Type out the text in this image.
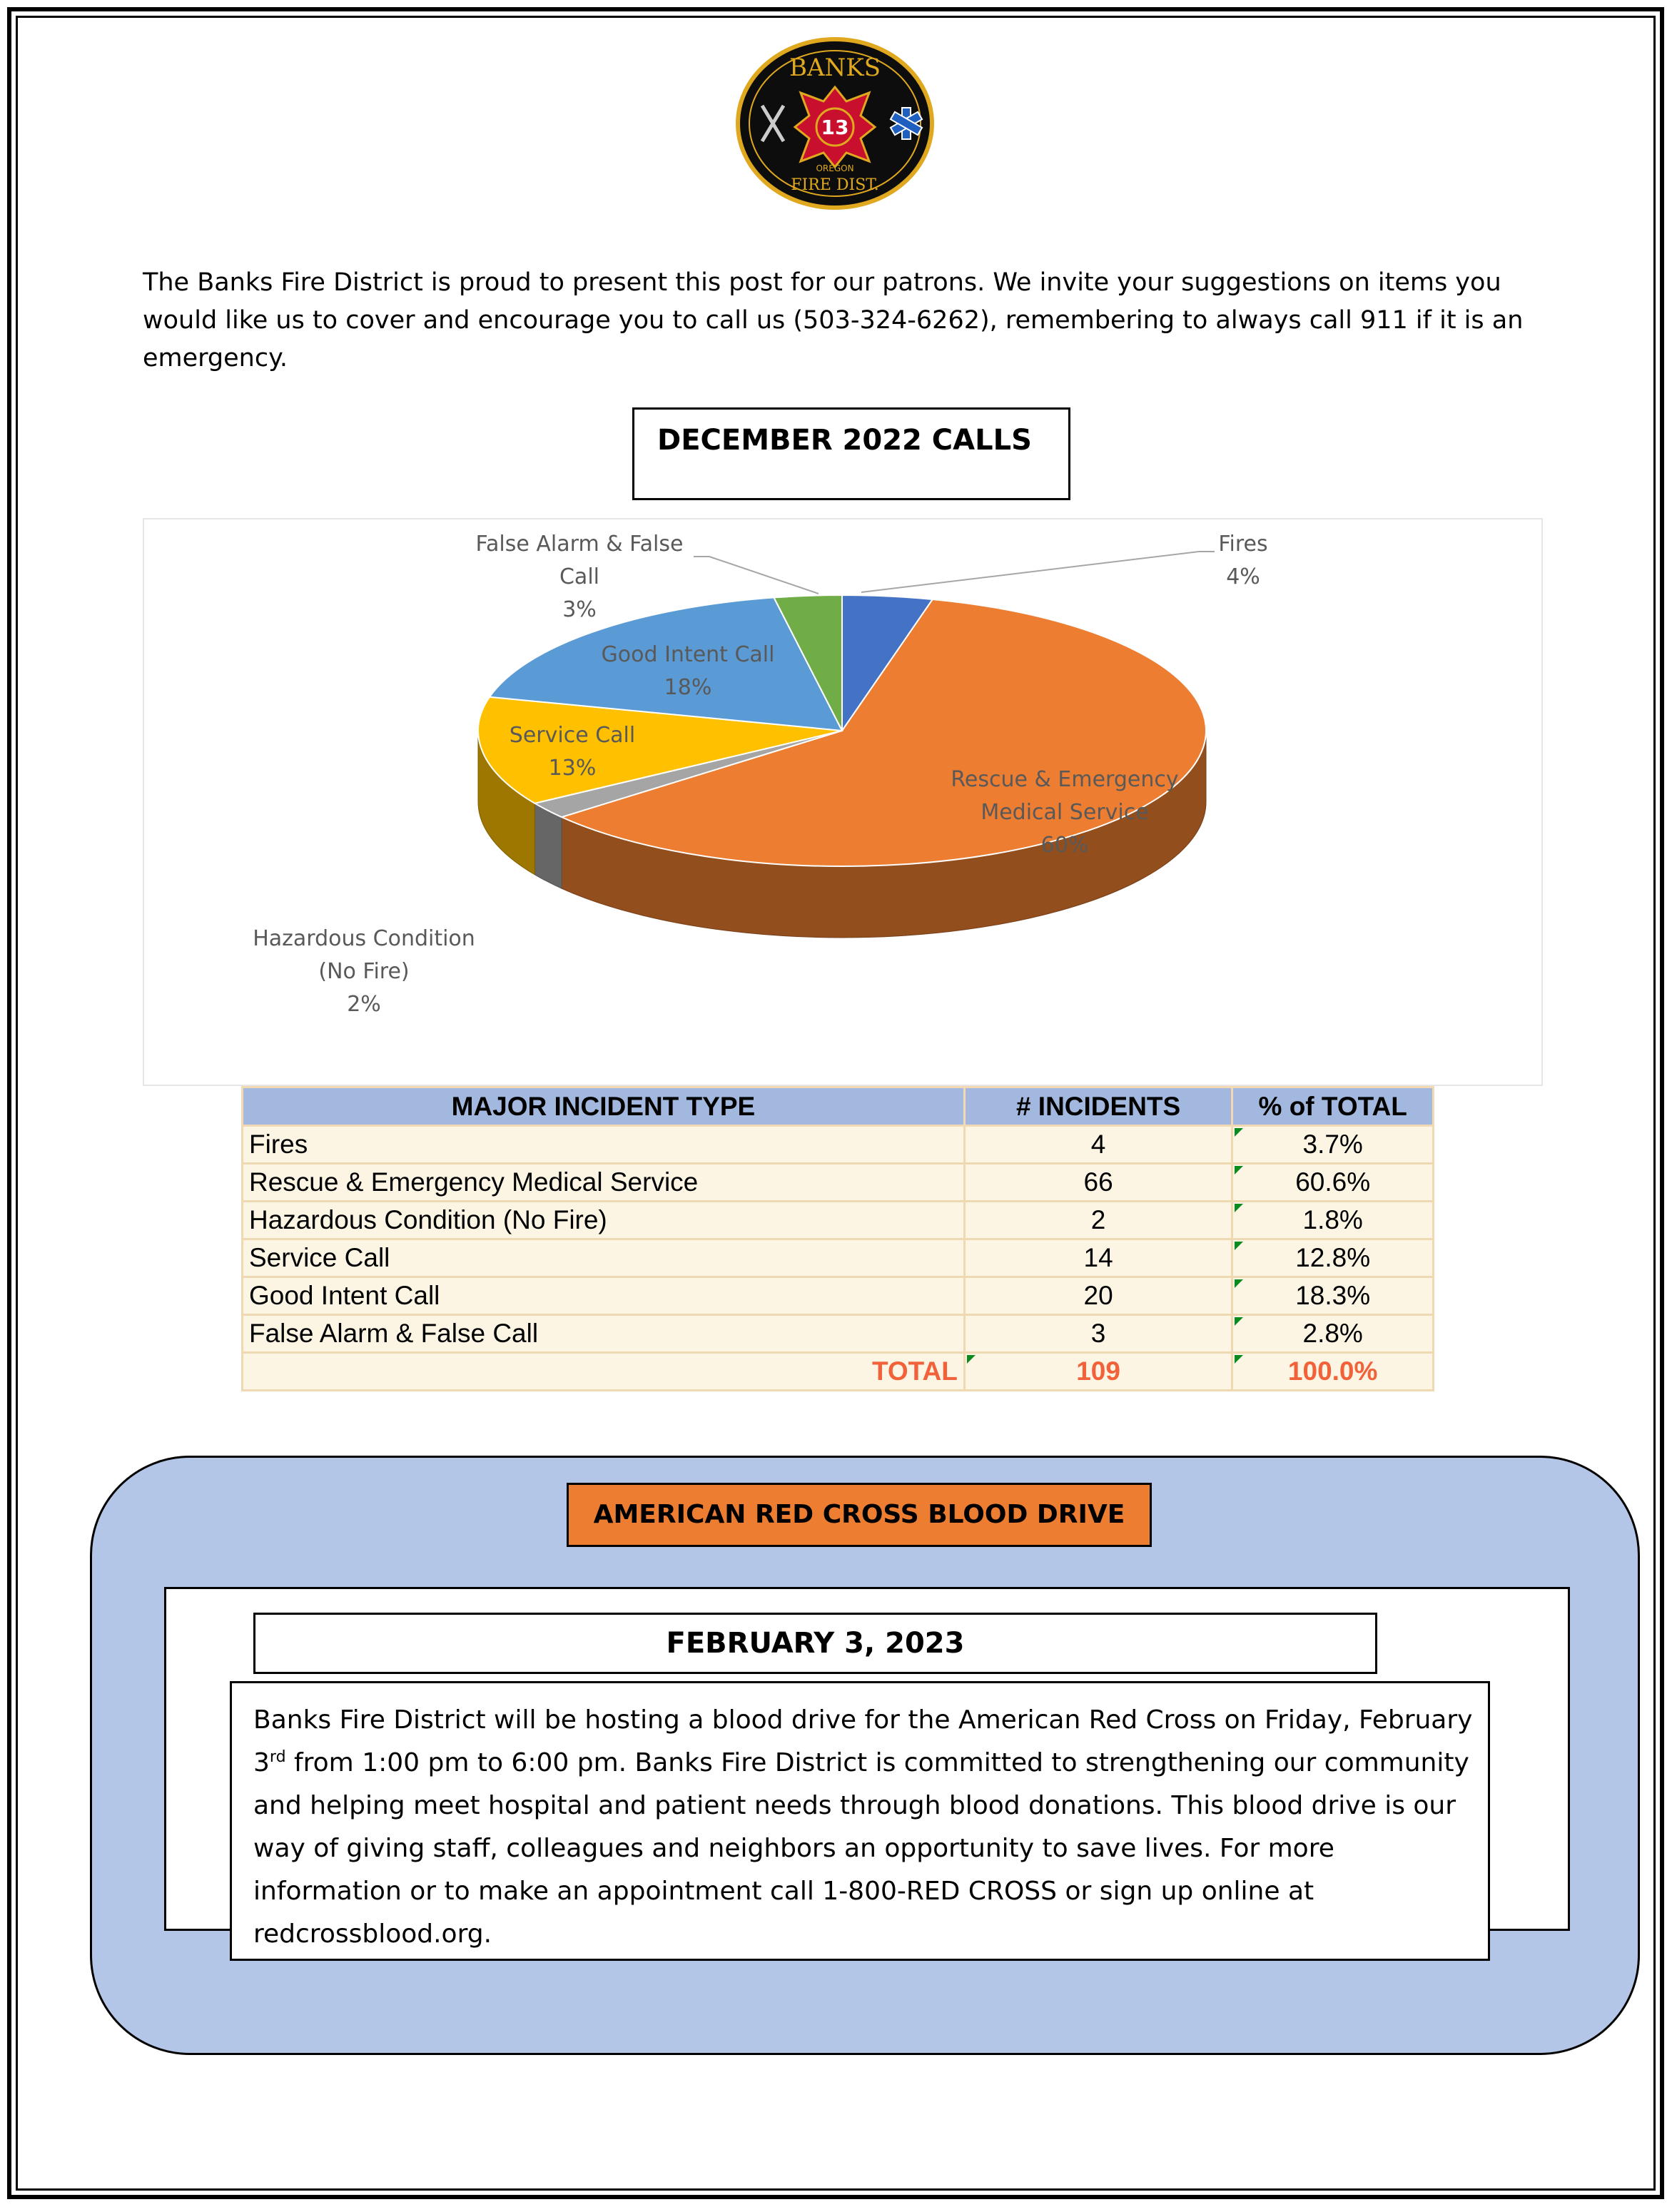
BANKS
13
OREGON
FIRE DIST.

The Banks Fire District is proud to present this post for our patrons. We invite your suggestions on items you would like us to cover and encourage you to call us (503-324-6262), remembering to always call 911 if it is an emergency.

DECEMBER 2022 CALLS
Fires 4%
Rescue & Emergency Medical Service 60%
Hazardous Condition (No Fire) 2%
Service Call 13%
Good Intent Call 18%
False Alarm & False Call 3%
MAJOR INCIDENT TYPE	# INCIDENTS	% of TOTAL
Fires	4	3.7%
Rescue & Emergency Medical Service	66	60.6%
Hazardous Condition (No Fire)	2	1.8%
Service Call	14	12.8%
Good Intent Call	20	18.3%
False Alarm & False Call	3	2.8%
TOTAL	109	100.0%
AMERICAN RED CROSS BLOOD DRIVE
FEBRUARY 3, 2023

Banks Fire District will be hosting a blood drive for the American Red Cross on Friday, February 3rd from 1:00 pm to 6:00 pm. Banks Fire District is committed to strengthening our community and helping meet hospital and patient needs through blood donations. This blood drive is our way of giving staff, colleagues and neighbors an opportunity to save lives. For more information or to make an appointment call 1-800-RED CROSS or sign up online at redcrossblood.org.
